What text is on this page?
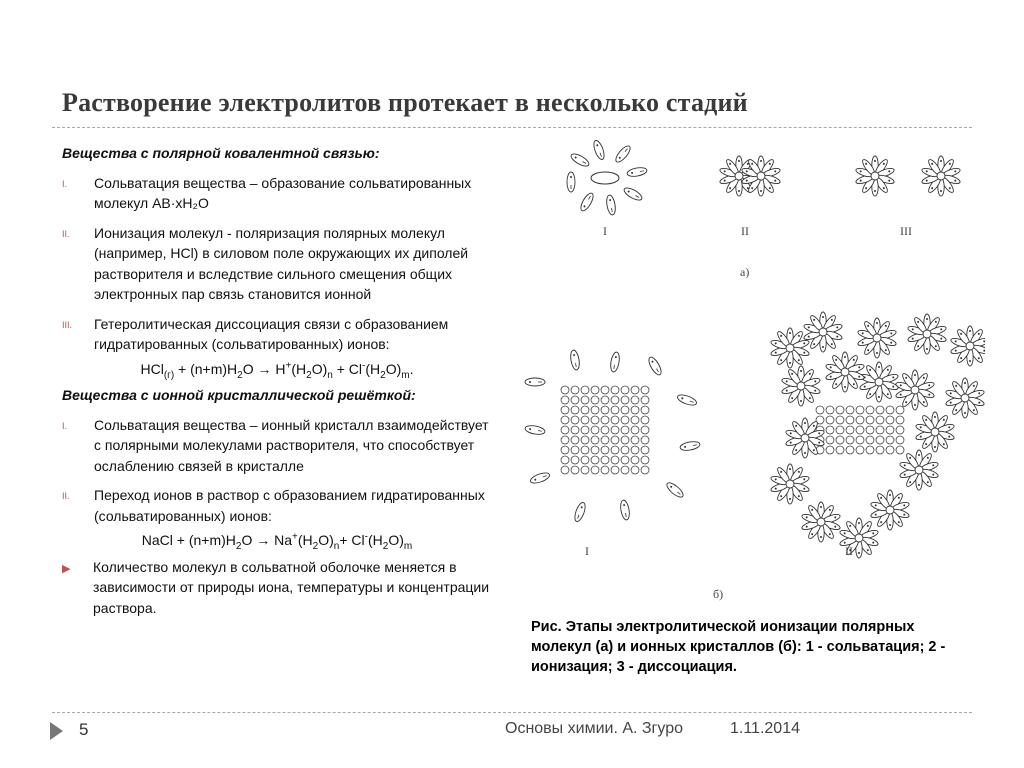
Растворение электролитов протекает в несколько стадий

Вещества с полярной ковалентной связью:

I. Сольватация вещества – образование сольватированных молекул АВ·xH₂O
II. Ионизация молекул - поляризация полярных молекул (например, HCl) в силовом поле окружающих их диполей растворителя и вследствие сильного смещения общих электронных пар связь становится ионной
III. Гетеролитическая диссоциация связи с образованием гидратированных (сольватированных) ионов:
$HCl_{(г)} + (n+m)H_2O \to H^+(H_2O)_n + Cl^-(H_2O)_m$.

Вещества с ионной кристаллической решёткой:

I. Сольватация вещества – ионный кристалл взаимодействует с полярными молекулами растворителя, что способствует ослаблению связей в кристалле
II. Переход ионов в раствор с образованием гидратированных (сольватированных) ионов:
NaCl + $(n+m)H_2O \to Na^+(H_2O)_n+ Cl^-(H_2O)_m$
▶ Количество молекул в сольватной оболочке меняется в зависимости от природы иона, температуры и концентрации раствора.
I	II	III
а)
I	II
б)
Рис. Этапы электролитической ионизации полярных молекул (а) и ионных кристаллов (б): 1 - сольватация; 2 - ионизация; 3 - диссоциация.
5	Основы химии. А. Згуро	1.11.2014
